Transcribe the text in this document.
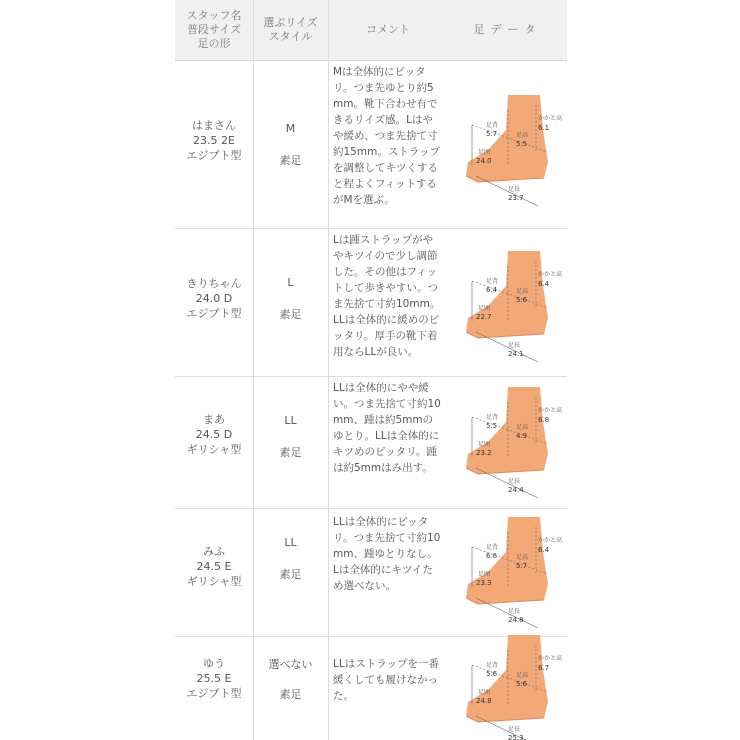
スタッフ名
普段サイズ
足の形
選ぶリイズ
スタイル
コメント	足データ
はまさん
23.5 2E
エジプト型
M
素足
Mは全体的にピッタリ。つま先ゆとり約5mm。靴下合わせ有できるリイズ感。Lはやや緩め、つま先捨て寸約15mm。ストラップを調整してキツくすると程よくフィットするがMを選ぶ。
足背
5.7
かかと高
6.1
足高
5.5
足囲
24.0
足長
23.7
きりちゃん
24.0 D
エジプト型
L
素足
Lは踵ストラップがややキツイので少し調節した。その他はフィットして歩きやすい。つま先捨て寸約10mm。LLは全体的に緩めのピッタリ。厚手の靴下着用ならLLが良い。
足背
6.4
かかと高
6.4
足高
5.6
足囲
22.7
足長
24.1
まあ
24.5 D
ギリシャ型
LL
素足
LLは全体的にやや緩い。つま先捨て寸約10mm、踵は約5mmのゆとり。LLは全体的にキツめのピッタリ。踵は約5mmはみ出す。
足背
5.5
かかと高
6.8
足高
4.9
足囲
23.2
足長
24.4
みふ
24.5 E
ギリシャ型
LL
素足
LLは全体的にピッタリ。つま先捨て寸約10mm、踵ゆとりなし。Lは全体的にキツイため選べない。
足背
6.6
かかと高
6.4
足高
5.7
足囲
23.3
足長
24.8
ゆう
25.5 E
エジプト型
選べない
素足
LLはストラップを一番緩くしても履けなかった。
足背
5.6
かかと高
6.7
足高
5.6
足囲
24.8
足長
25.3
